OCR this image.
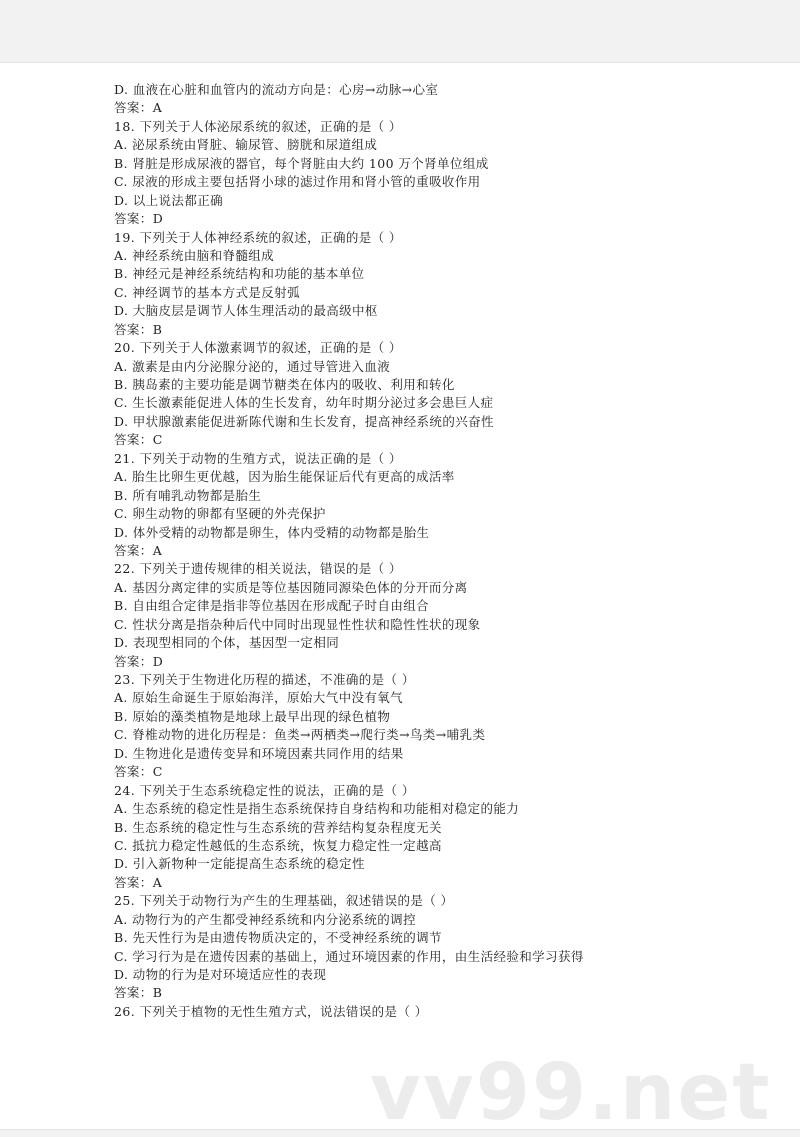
D. 血液在心脏和血管内的流动方向是：心房→动脉→心室
答案：A
18. 下列关于人体泌尿系统的叙述，正确的是（ ）
A. 泌尿系统由肾脏、输尿管、膀胱和尿道组成
B. 肾脏是形成尿液的器官，每个肾脏由大约 100 万个肾单位组成
C. 尿液的形成主要包括肾小球的滤过作用和肾小管的重吸收作用
D. 以上说法都正确
答案：D
19. 下列关于人体神经系统的叙述，正确的是（ ）
A. 神经系统由脑和脊髓组成
B. 神经元是神经系统结构和功能的基本单位
C. 神经调节的基本方式是反射弧
D. 大脑皮层是调节人体生理活动的最高级中枢
答案：B
20. 下列关于人体激素调节的叙述，正确的是（ ）
A. 激素是由内分泌腺分泌的，通过导管进入血液
B. 胰岛素的主要功能是调节糖类在体内的吸收、利用和转化
C. 生长激素能促进人体的生长发育，幼年时期分泌过多会患巨人症
D. 甲状腺激素能促进新陈代谢和生长发育，提高神经系统的兴奋性
答案：C
21. 下列关于动物的生殖方式，说法正确的是（ ）
A. 胎生比卵生更优越，因为胎生能保证后代有更高的成活率
B. 所有哺乳动物都是胎生
C. 卵生动物的卵都有坚硬的外壳保护
D. 体外受精的动物都是卵生，体内受精的动物都是胎生
答案：A
22. 下列关于遗传规律的相关说法，错误的是（ ）
A. 基因分离定律的实质是等位基因随同源染色体的分开而分离
B. 自由组合定律是指非等位基因在形成配子时自由组合
C. 性状分离是指杂种后代中同时出现显性性状和隐性性状的现象
D. 表现型相同的个体，基因型一定相同
答案：D
23. 下列关于生物进化历程的描述，不准确的是（ ）
A. 原始生命诞生于原始海洋，原始大气中没有氧气
B. 原始的藻类植物是地球上最早出现的绿色植物
C. 脊椎动物的进化历程是：鱼类→两栖类→爬行类→鸟类→哺乳类
D. 生物进化是遗传变异和环境因素共同作用的结果
答案：C
24. 下列关于生态系统稳定性的说法，正确的是（ ）
A. 生态系统的稳定性是指生态系统保持自身结构和功能相对稳定的能力
B. 生态系统的稳定性与生态系统的营养结构复杂程度无关
C. 抵抗力稳定性越低的生态系统，恢复力稳定性一定越高
D. 引入新物种一定能提高生态系统的稳定性
答案：A
25. 下列关于动物行为产生的生理基础，叙述错误的是（ ）
A. 动物行为的产生都受神经系统和内分泌系统的调控
B. 先天性行为是由遗传物质决定的，不受神经系统的调节
C. 学习行为是在遗传因素的基础上，通过环境因素的作用，由生活经验和学习获得
D. 动物的行为是对环境适应性的表现
答案：B
26. 下列关于植物的无性生殖方式，说法错误的是（ ）
vv99.net
